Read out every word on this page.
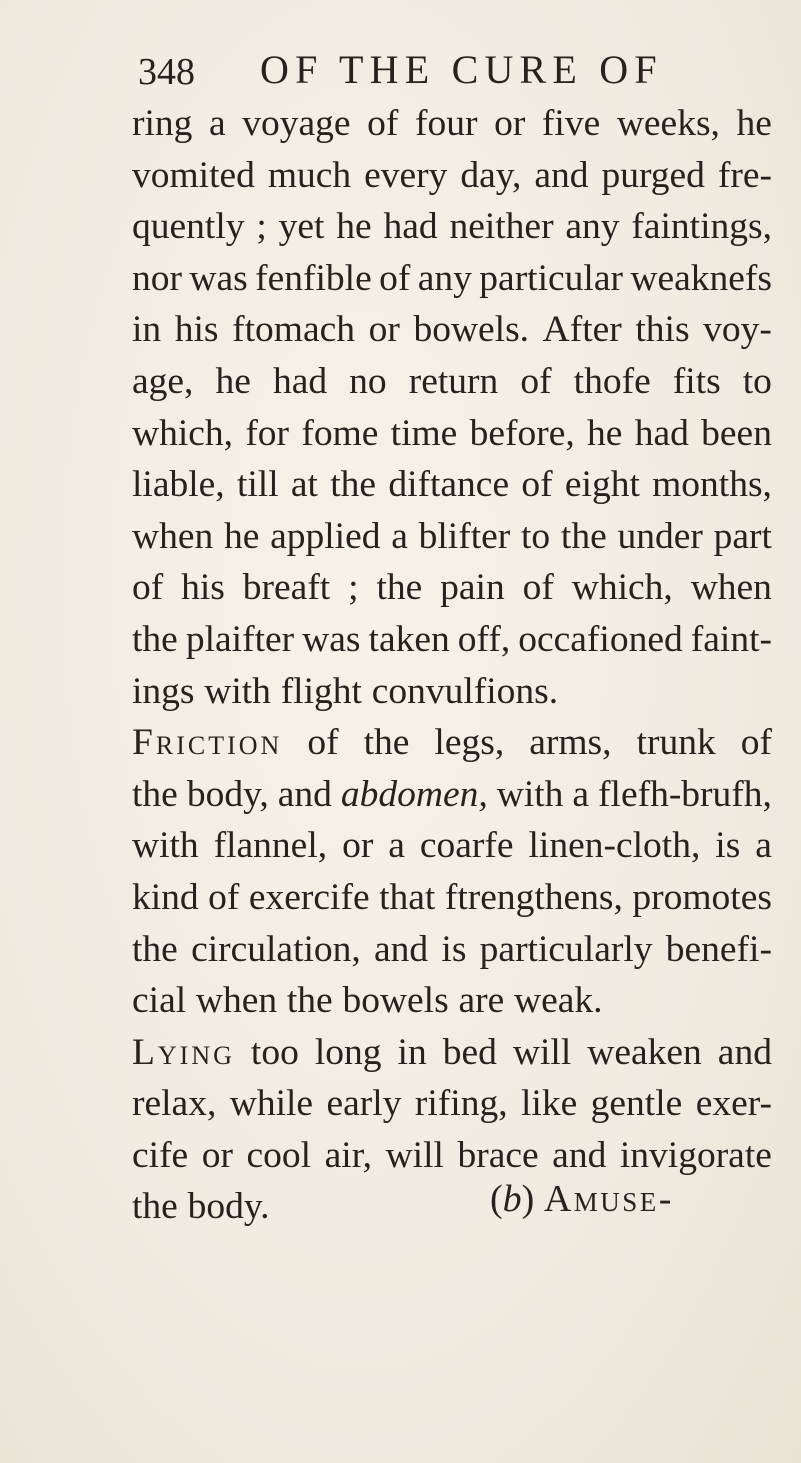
348 OF THE CURE OF
ring a voyage of four or five weeks, he
vomited much every day, and purged fre-
quently ; yet he had neither any faintings,
nor was fenfible of any particular weaknefs
in his ftomach or bowels. After this voy-
age, he had no return of thofe fits to
which, for fome time before, he had been
liable, till at the diftance of eight months,
when he applied a blifter to the under part
of his breaft ; the pain of which, when
the plaifter was taken off, occafioned faint-
ings with flight convulfions.
Friction of the legs, arms, trunk of
the body, and abdomen, with a flefh-brufh,
with flannel, or a coarfe linen-cloth, is a
kind of exercife that ftrengthens, promotes
the circulation, and is particularly benefi-
cial when the bowels are weak.
Lying too long in bed will weaken and
relax, while early rifing, like gentle exer-
cife or cool air, will brace and invigorate
the body.	(b) Amuse-
